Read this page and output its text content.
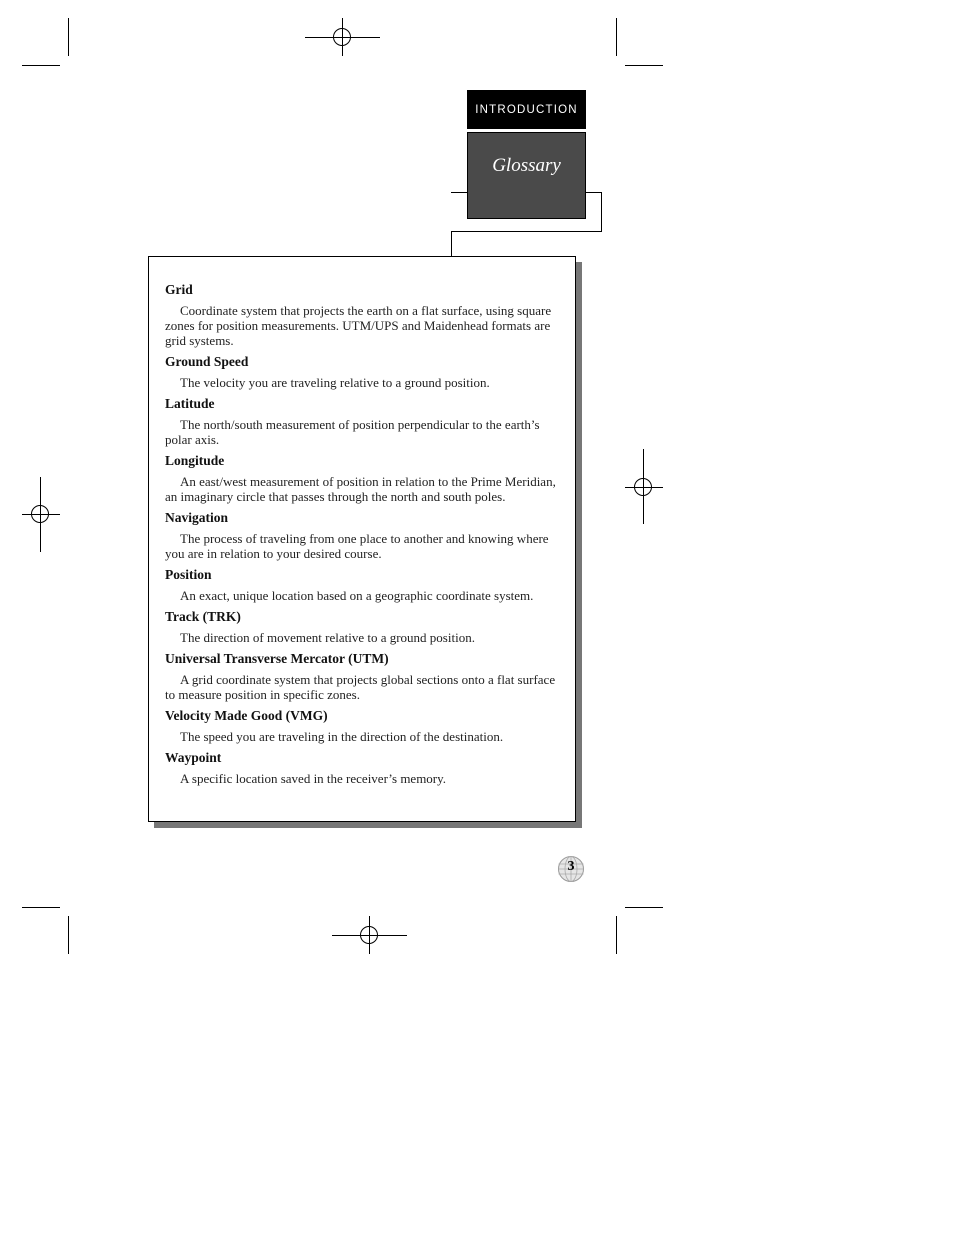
INTRODUCTION
Glossary
Grid
Coordinate system that projects the earth on a flat surface, using square zones for position measurements. UTM/UPS and Maidenhead formats are grid systems.
Ground Speed
The velocity you are traveling relative to a ground position.
Latitude
The north/south measurement of position perpendicular to the earth’s polar axis.
Longitude
An east/west measurement of position in relation to the Prime Meridian, an imaginary circle that passes through the north and south poles.
Navigation
The process of traveling from one place to another and knowing where you are in relation to your desired course.
Position
An exact, unique location based on a geographic coordinate system.
Track (TRK)
The direction of movement relative to a ground position.
Universal Transverse Mercator (UTM)
A grid coordinate system that projects global sections onto a flat surface to measure position in specific zones.
Velocity Made Good (VMG)
The speed you are traveling in the direction of the destination.
Waypoint
A specific location saved in the receiver’s memory.
3
